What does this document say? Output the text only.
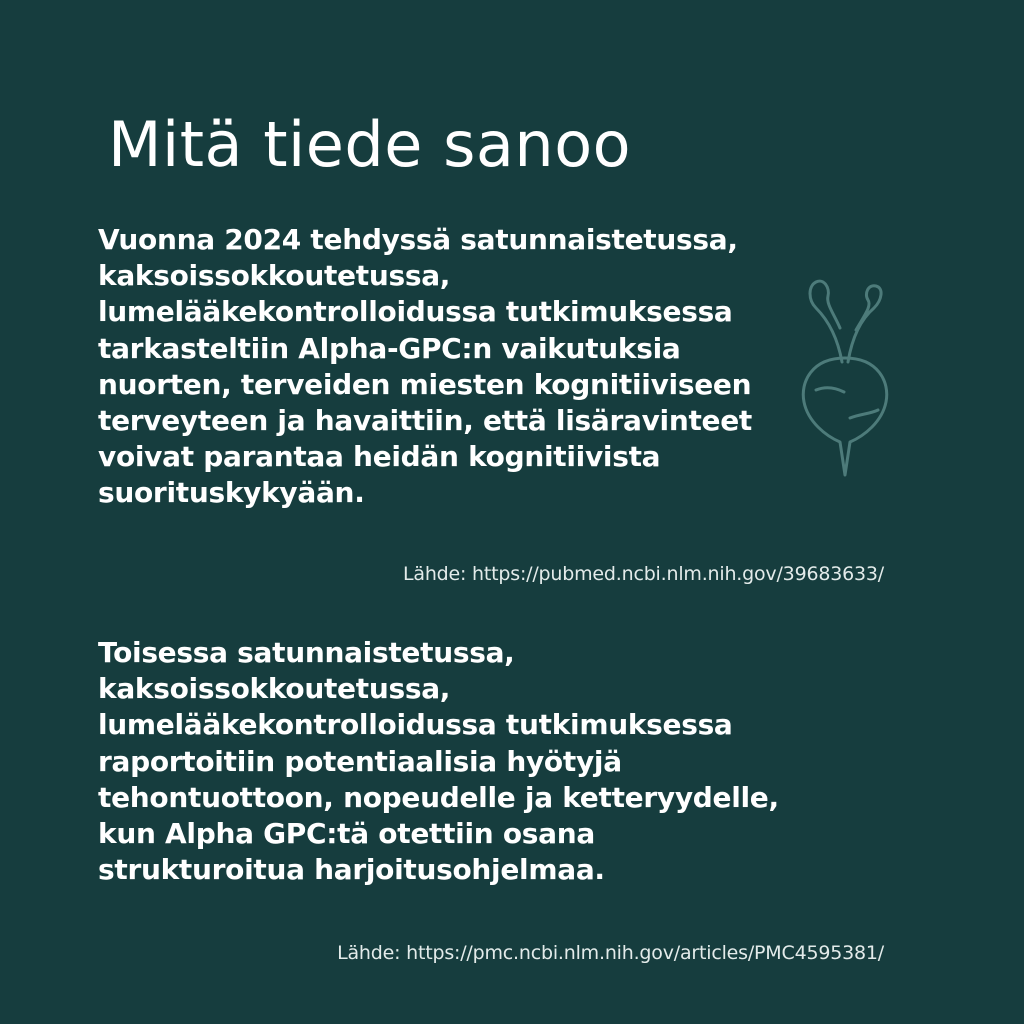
Mitä tiede sanoo

Vuonna 2024 tehdyssä satunnaistetussa,
kaksoissokkoutetussa,
lumelääkekontrolloidussa tutkimuksessa
tarkasteltiin Alpha-GPC:n vaikutuksia
nuorten, terveiden miesten kognitiiviseen
terveyteen ja havaittiin, että lisäravinteet
voivat parantaa heidän kognitiivista
suorituskykyään.

Lähde: https://pubmed.ncbi.nlm.nih.gov/39683633/

Toisessa satunnaistetussa,
kaksoissokkoutetussa,
lumelääkekontrolloidussa tutkimuksessa
raportoitiin potentiaalisia hyötyjä
tehontuottoon, nopeudelle ja ketteryydelle,
kun Alpha GPC:tä otettiin osana
strukturoitua harjoitusohjelmaa.

Lähde: https://pmc.ncbi.nlm.nih.gov/articles/PMC4595381/
